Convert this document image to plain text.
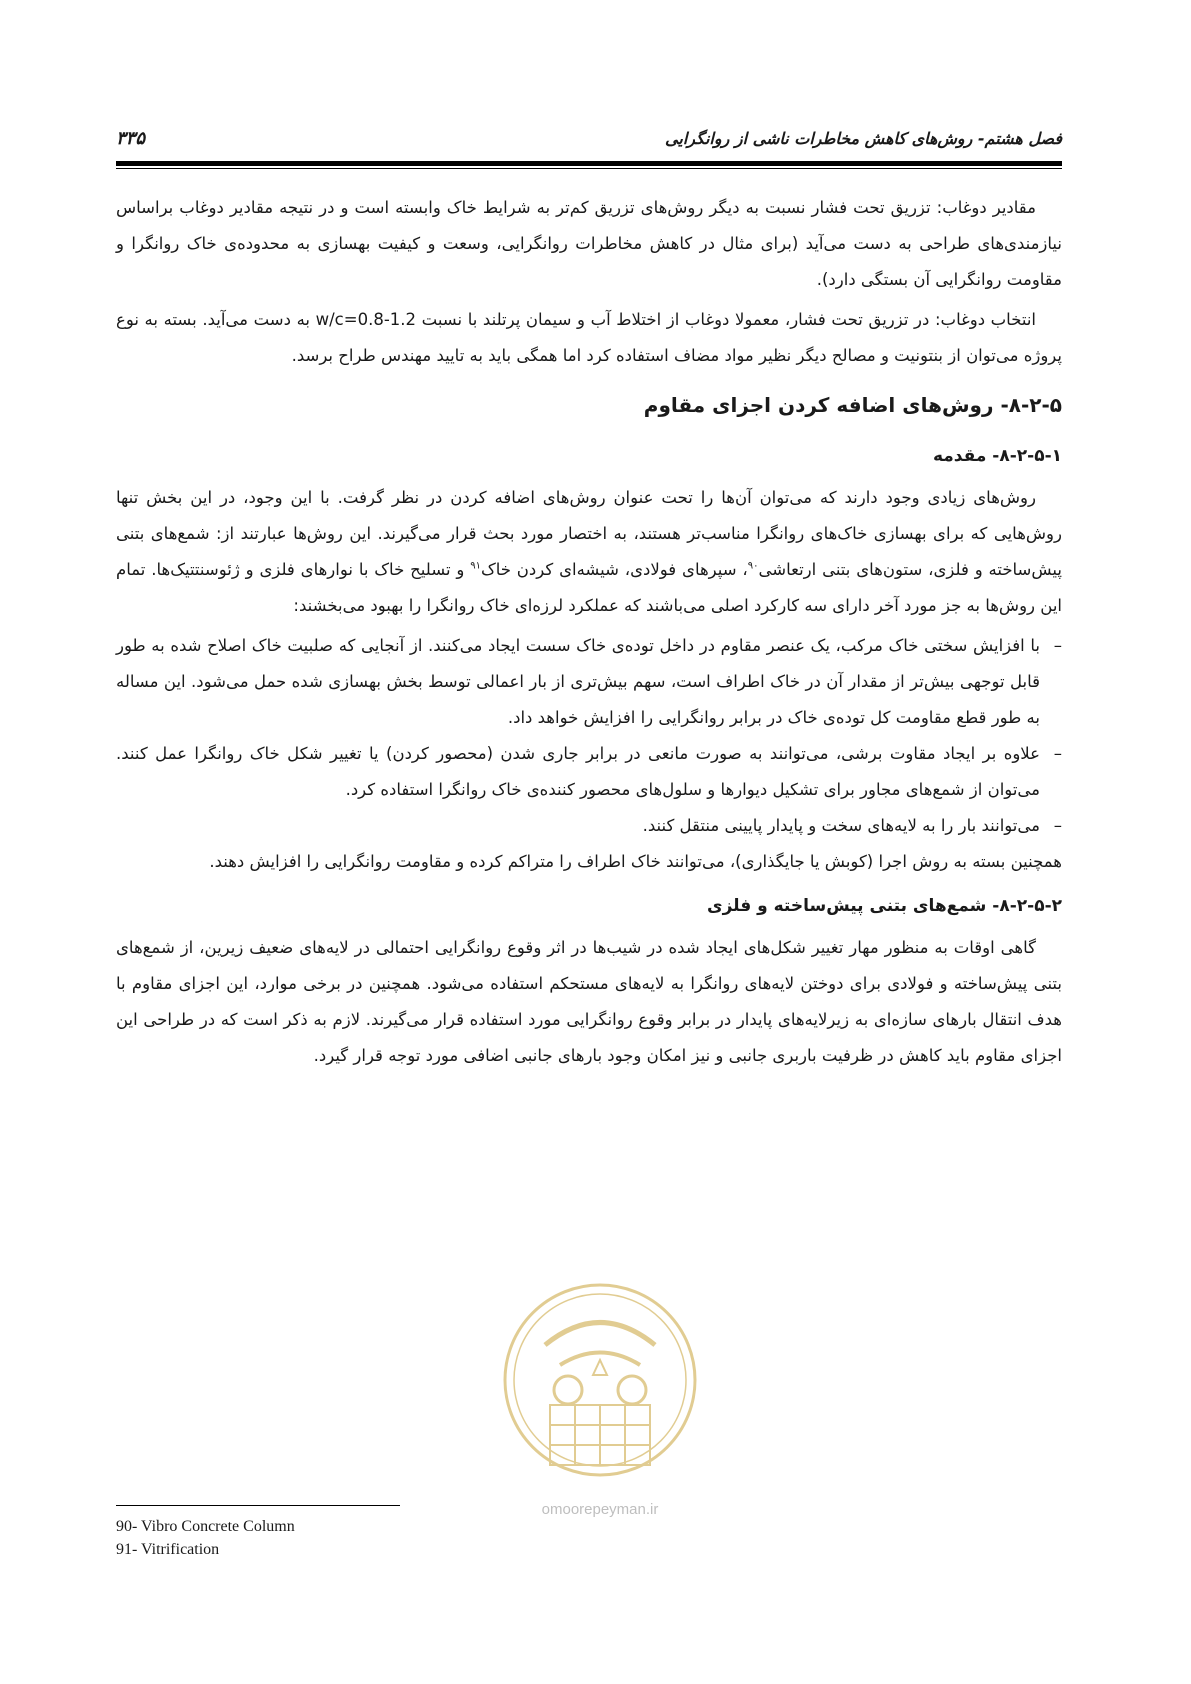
فصل هشتم- روش‌های کاهش مخاطرات ناشی از روانگرایی
۳۳۵

مقادیر دوغاب: تزریق تحت فشار نسبت به دیگر روش‌های تزریق کم‌تر به شرایط خاک وابسته است و در نتیجه مقادیر دوغاب براساس نیازمندی‌های طراحی به دست می‌آید (برای مثال در کاهش مخاطرات روانگرایی، وسعت و کیفیت بهسازی به محدوده‌ی خاک روانگرا و مقاومت روانگرایی آن بستگی دارد).

انتخاب دوغاب: در تزریق تحت فشار، معمولا دوغاب از اختلاط آب و سیمان پرتلند با نسبت w/c=0.8-1.2 به دست می‌آید. بسته به نوع پروژه می‌توان از بنتونیت و مصالح دیگر نظیر مواد مضاف استفاده کرد اما همگی باید به تایید مهندس طراح برسد.

۸-۲-۵- روش‌های اضافه کردن اجزای مقاوم
۸-۲-۵-۱- مقدمه

روش‌های زیادی وجود دارند که می‌توان آن‌ها را تحت عنوان روش‌های اضافه کردن در نظر گرفت. با این وجود، در این بخش تنها روش‌هایی که برای بهسازی خاک‌های روانگرا مناسب‌تر هستند، به اختصار مورد بحث قرار می‌گیرند. این روش‌ها عبارتند از: شمع‌های بتنی پیش‌ساخته و فلزی، ستون‌های بتنی ارتعاشی$^{۹۰}$، سپرهای فولادی، شیشه‌ای کردن خاک$^{۹۱}$ و تسلیح خاک با نوارهای فلزی و ژئوسنتتیک‌ها. تمام این روش‌ها به جز مورد آخر دارای سه کارکرد اصلی می‌باشند که عملکرد لرزه‌ای خاک روانگرا را بهبود می‌بخشند:

–
با افزایش سختی خاک مرکب، یک عنصر مقاوم در داخل توده‌ی خاک سست ایجاد می‌کنند. از آنجایی که صلبیت خاک اصلاح شده به طور قابل توجهی بیش‌تر از مقدار آن در خاک اطراف است، سهم بیش‌تری از بار اعمالی توسط بخش بهسازی شده حمل می‌شود. این مساله به طور قطع مقاومت کل توده‌ی خاک در برابر روانگرایی را افزایش خواهد داد.
–
علاوه بر ایجاد مقاوت برشی، می‌توانند به صورت مانعی در برابر جاری شدن (محصور کردن) یا تغییر شکل خاک روانگرا عمل کنند. می‌توان از شمع‌های مجاور برای تشکیل دیوارها و سلول‌های محصور کننده‌ی خاک روانگرا استفاده کرد.
–
می‌توانند بار را به لایه‌های سخت و پایدار پایینی منتقل کنند.

همچنین بسته به روش اجرا (کوبش یا جایگذاری)، می‌توانند خاک اطراف را متراکم کرده و مقاومت روانگرایی را افزایش دهند.

۸-۲-۵-۲- شمع‌های بتنی پیش‌ساخته و فلزی

گاهی اوقات به منظور مهار تغییر شکل‌های ایجاد شده در شیب‌ها در اثر وقوع روانگرایی احتمالی در لایه‌های ضعیف زیرین، از شمع‌های بتنی پیش‌ساخته و فولادی برای دوختن لایه‌های روانگرا به لایه‌های مستحکم استفاده می‌شود. همچنین در برخی موارد، این اجزای مقاوم با هدف انتقال بارهای سازه‌ای به زیرلایه‌های پایدار در برابر وقوع روانگرایی مورد استفاده قرار می‌گیرند. لازم به ذکر است که در طراحی این اجزای مقاوم باید کاهش در ظرفیت باربری جانبی و نیز امکان وجود بارهای جانبی اضافی مورد توجه قرار گیرد.

omoorepeyman.ir
90- Vibro Concrete Column
91- Vitrification
